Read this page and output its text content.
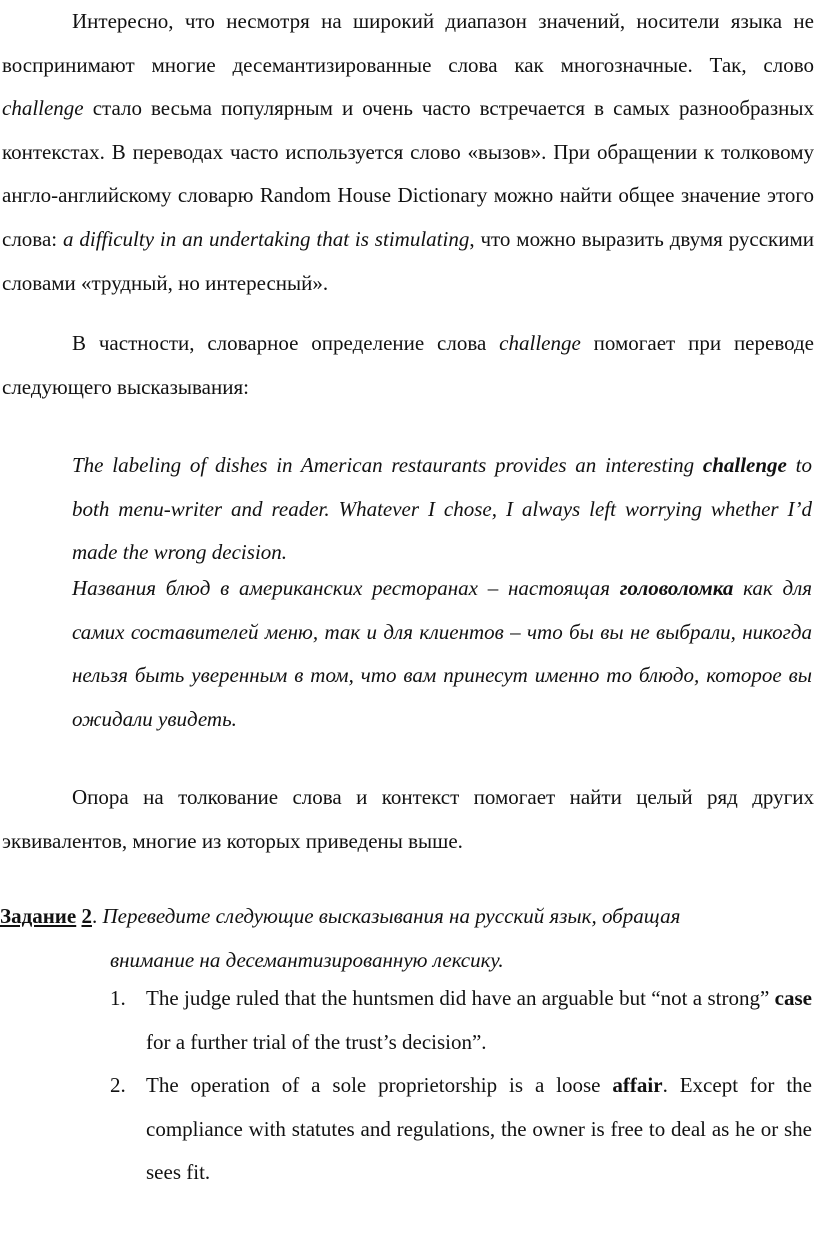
Интересно, что несмотря на широкий диапазон значений, носители языка не воспринимают многие десемантизированные слова как многозначные. Так, слово challenge стало весьма популярным и очень часто встречается в самых разнообразных контекстах. В переводах часто используется слово «вызов». При обращении к толковому англо-английскому словарю Random House Dictionary можно найти общее значение этого слова: a difficulty in an undertaking that is stimulating, что можно выразить двумя русскими словами «трудный, но интересный».

В частности, словарное определение слова challenge помогает при переводе следующего высказывания:

The labeling of dishes in American restaurants provides an interesting challenge to both menu-writer and reader. Whatever I chose, I always left worrying whether I’d made the wrong decision.

Названия блюд в американских ресторанах – настоящая головоломка как для самих составителей меню, так и для клиентов – что бы вы не выбрали, никогда нельзя быть уверенным в том, что вам принесут именно то блюдо, которое вы ожидали увидеть.

Опора на толкование слова и контекст помогает найти целый ряд других эквивалентов, многие из которых приведены выше.

Задание 2. Переведите следующие высказывания на русский язык, обращая

внимание на десемантизированную лексику.

1. The judge ruled that the huntsmen did have an arguable but “not a strong” case for a further trial of the trust’s decision”.
2. The operation of a sole proprietorship is a loose affair. Except for the compliance with statutes and regulations, the owner is free to deal as he or she sees fit.
